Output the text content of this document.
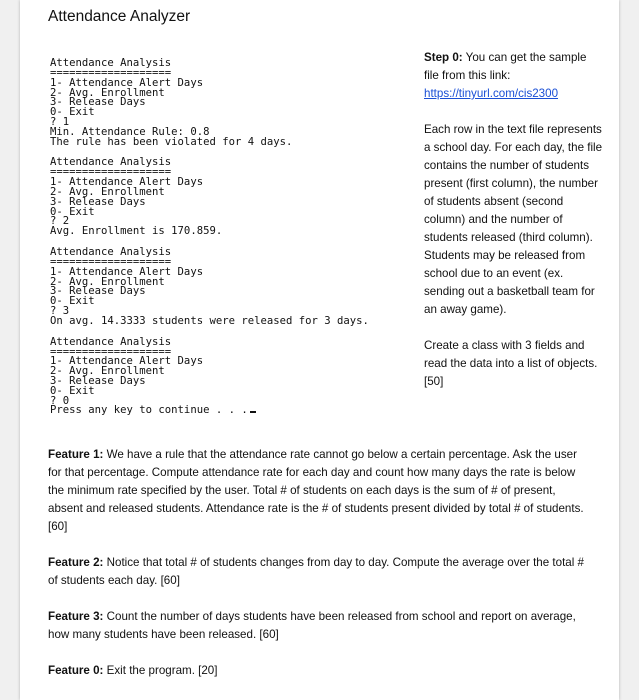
Attendance Analyzer
Attendance Analysis
===================
1- Attendance Alert Days
2- Avg. Enrollment
3- Release Days
0- Exit
? 1
Min. Attendance Rule: 0.8
The rule has been violated for 4 days.
Attendance Analysis
===================
1- Attendance Alert Days
2- Avg. Enrollment
3- Release Days
0- Exit
? 2
Avg. Enrollment is 170.859.
Attendance Analysis
===================
1- Attendance Alert Days
2- Avg. Enrollment
3- Release Days
0- Exit
? 3
On avg. 14.3333 students were released for 3 days.
Attendance Analysis
===================
1- Attendance Alert Days
2- Avg. Enrollment
3- Release Days
0- Exit
? 0
Press any key to continue . . .

Step 0: You can get the sample file from this link: https://tinyurl.com/cis2300

Each row in the text file represents a school day. For each day, the file contains the number of students present (first column), the number of students absent (second column) and the number of students released (third column). Students may be released from school due to an event (ex. sending out a basketball team for an away game).

Create a class with 3 fields and read the data into a list of objects. [50]

Feature 1: We have a rule that the attendance rate cannot go below a certain percentage. Ask the user for that percentage. Compute attendance rate for each day and count how many days the rate is below the minimum rate specified by the user. Total # of students on each days is the sum of # of present, absent and released students. Attendance rate is the # of students present divided by total # of students. [60]

Feature 2: Notice that total # of students changes from day to day. Compute the average over the total # of students each day. [60]

Feature 3: Count the number of days students have been released from school and report on average, how many students have been released. [60]

Feature 0: Exit the program. [20]
